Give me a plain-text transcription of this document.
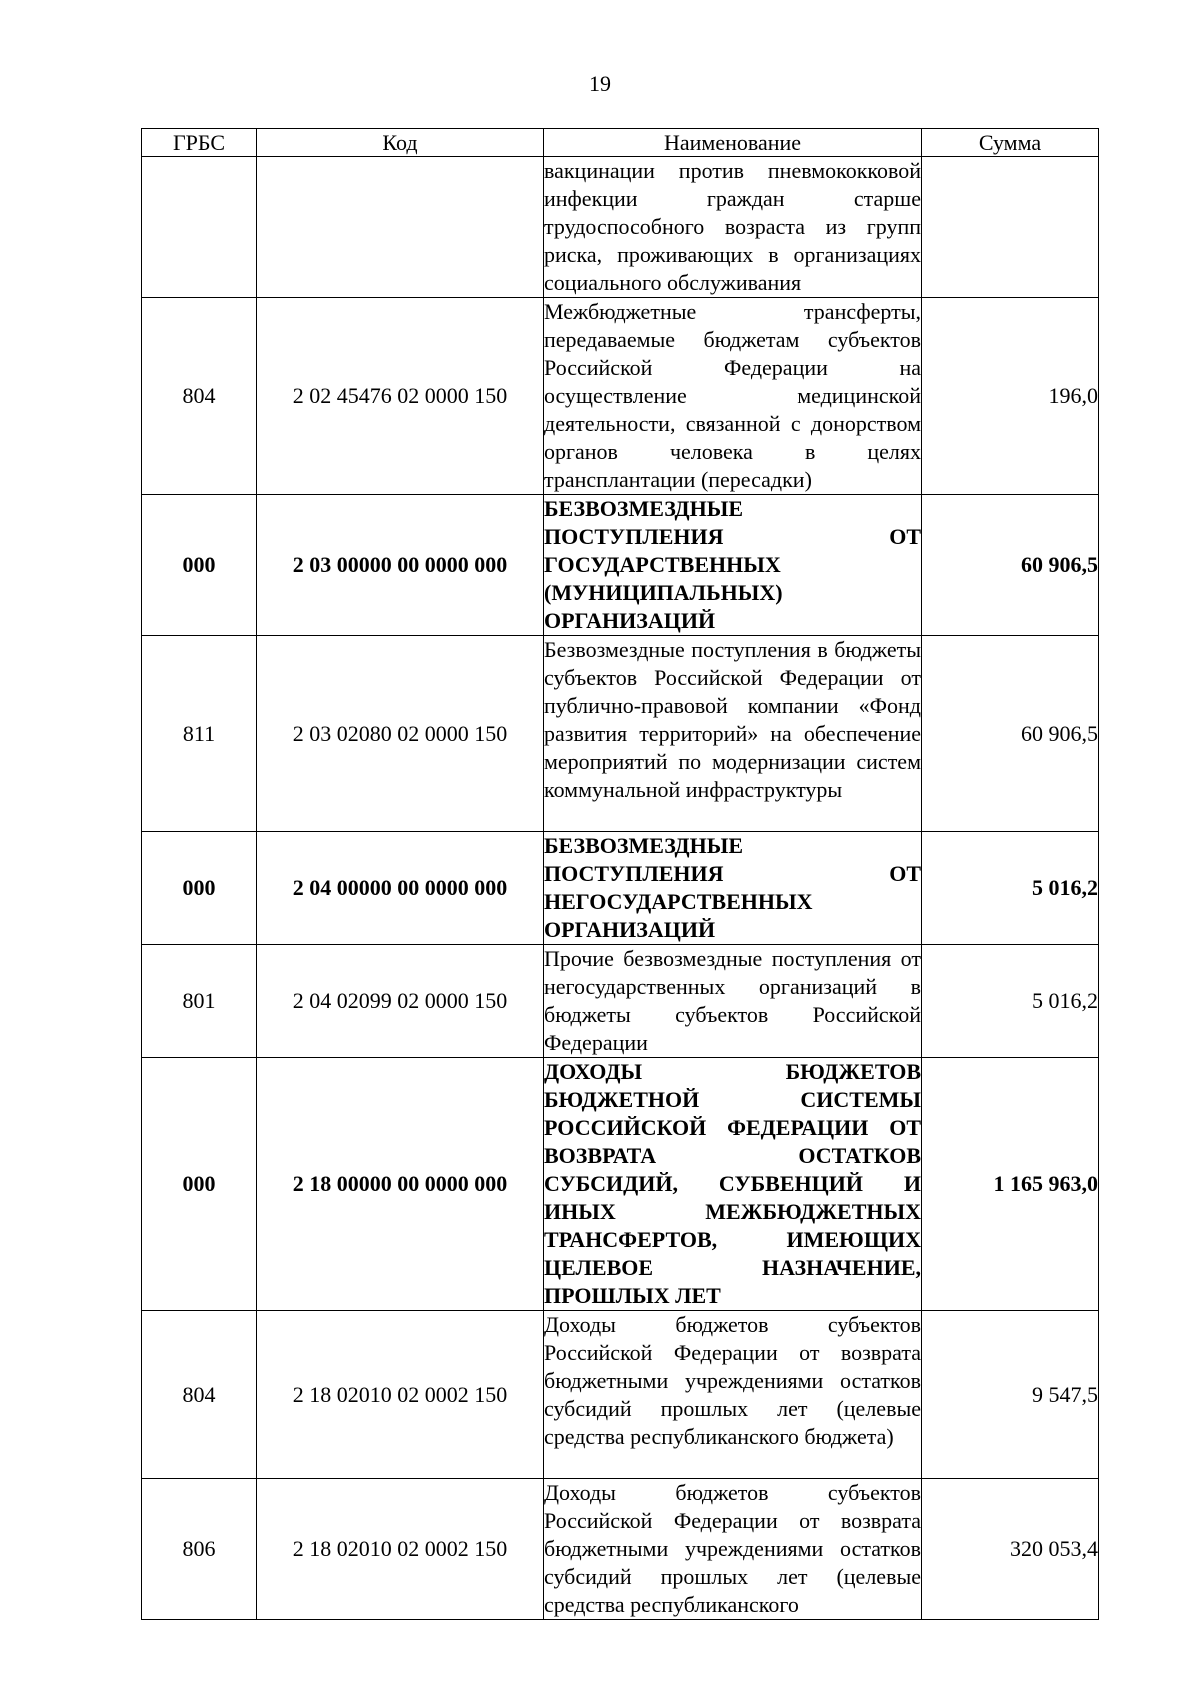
19
ГРБС	Код	Наименование	Сумма
		вакцинации против пневмококковой инфекции граждан старше трудоспособного возраста из групп риска, проживающих в организациях социального обслуживания	
804	2 02 45476 02 0000 150	Межбюджетные трансферты, передаваемые бюджетам субъектов Российской Федерации на осуществление медицинской деятельности, связанной с донорством органов человека в целях трансплантации (пересадки)	196,0
000	2 03 00000 00 0000 000	БЕЗВОЗМЕЗДНЫЕ ПОСТУПЛЕНИЯ ОТ ГОСУДАРСТВЕННЫХ (МУНИЦИПАЛЬНЫХ) ОРГАНИЗАЦИЙ	60 906,5
811	2 03 02080 02 0000 150	Безвозмездные поступления в бюджеты субъектов Российской Федерации от публично-правовой компании «Фонд развития территорий» на обеспечение мероприятий по модернизации систем коммунальной инфраструктуры	60 906,5
000	2 04 00000 00 0000 000	БЕЗВОЗМЕЗДНЫЕ ПОСТУПЛЕНИЯ ОТ НЕГОСУДАРСТВЕННЫХ ОРГАНИЗАЦИЙ	5 016,2
801	2 04 02099 02 0000 150	Прочие безвозмездные поступления от негосударственных организаций в бюджеты субъектов Российской Федерации	5 016,2
000	2 18 00000 00 0000 000	ДОХОДЫ БЮДЖЕТОВ БЮДЖЕТНОЙ СИСТЕМЫ РОССИЙСКОЙ ФЕДЕРАЦИИ ОТ ВОЗВРАТА ОСТАТКОВ СУБСИДИЙ, СУБВЕНЦИЙ И ИНЫХ МЕЖБЮДЖЕТНЫХ ТРАНСФЕРТОВ, ИМЕЮЩИХ ЦЕЛЕВОЕ НАЗНАЧЕНИЕ, ПРОШЛЫХ ЛЕТ	1 165 963,0
804	2 18 02010 02 0002 150	Доходы бюджетов субъектов Российской Федерации от возврата бюджетными учреждениями остатков субсидий прошлых лет (целевые средства республиканского бюджета)	9 547,5
806	2 18 02010 02 0002 150	Доходы бюджетов субъектов Российской Федерации от возврата бюджетными учреждениями остатков субсидий прошлых лет (целевые средства республиканского	320 053,4
